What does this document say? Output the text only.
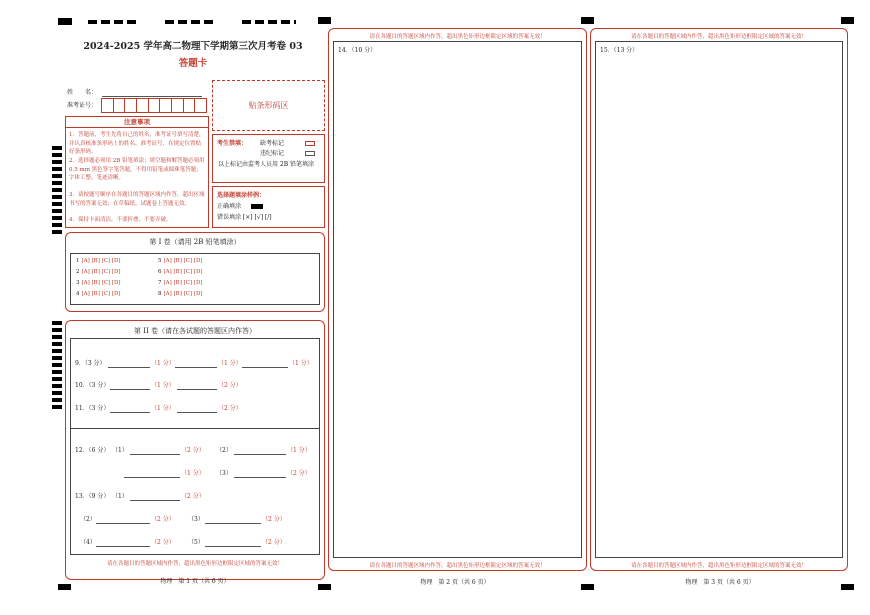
2024-2025 学年高二物理下学期第三次月考卷 03
答题卡
姓　　名：
准考证号：	贴条形码区
注意事项
1．答题前，考生先将自己的姓名，准考证号填写清楚，并认真核准条形码上的姓名、准考证号，在规定位置贴好条形码。
2．选择题必须用 2B 铅笔填涂；填空题和解答题必须用 0.5 mm 黑色签字笔答题，不得用铅笔或圆珠笔答题；字体工整、笔迹清晰。
3．请按题号顺序在各题目的答题区域内作答，超出区域书写的答案无效；在草稿纸、试题卷上答题无效。
4．保持卡面清洁，不要折叠、不要弄破。
考生禁填： 缺考标记
违纪标记
以上标记由监考人员用 2B 铅笔填涂
选择题填涂样例：
正确填涂
错误填涂 [×] [√] [/]
第 I 卷（请用 2B 铅笔填涂）
1 [A] [B] [C] [D]
2 [A] [B] [C] [D]
3 [A] [B] [C] [D]
4 [A] [B] [C] [D]
5 [A] [B] [C] [D]
6 [A] [B] [C] [D]
7 [A] [B] [C] [D]
8 [A] [B] [C] [D]
第 II 卷（请在各试题的答题区内作答）
9．（3 分）	（1 分）	（1 分）	（1 分）
10．（3 分）	（1 分）	（2 分）
11．（3 分）	（1 分）	（2 分）
12．（6 分） （1）	（2 分） （2）	（1 分）
（1 分） （3）	（2 分）
13．（9 分） （1）	（2 分）
（2）	（2 分） （3）	（2 分）
（4）	（2 分） （5）	（2 分）
请在各题目的答题区域内作答，超出黑色矩形边框限定区域的答案无效！
物理　第 1 页（共 6 页）
请在各题目的答题区域内作答，超出黑色矩形边框限定区域的答案无效！
14．（10 分）
请在各题目的答题区域内作答，超出黑色矩形边框限定区域的答案无效！
物理　第 2 页（共 6 页）
请在各题目的答题区域内作答，超出黑色矩形边框限定区域的答案无效！
15．（13 分）
请在各题目的答题区域内作答，超出黑色矩形边框限定区域的答案无效！
物理　第 3 页（共 6 页）
